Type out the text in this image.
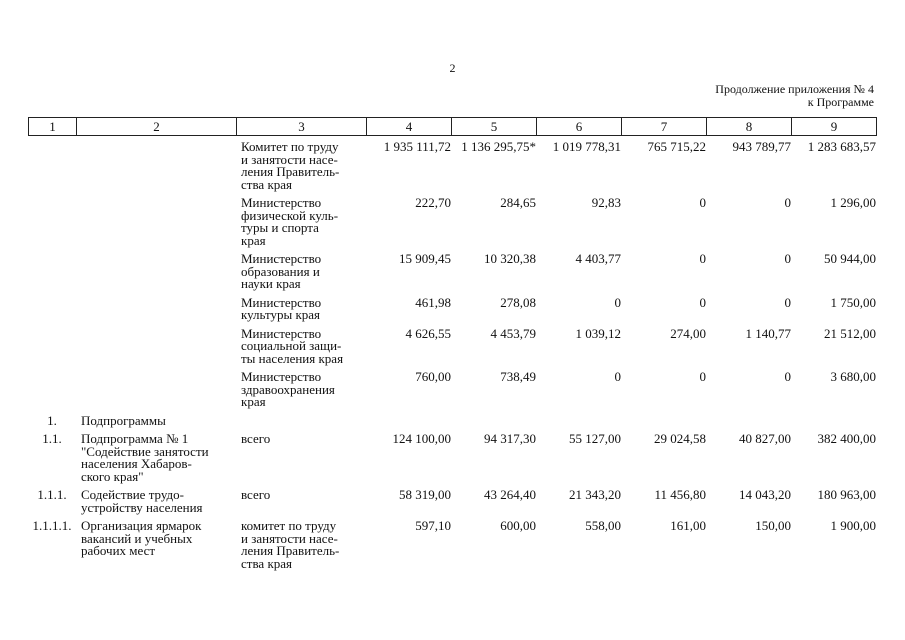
2
Продолжение приложения № 4
к Программе
1	2	3	4	5	6	7	8	9
		Комитет по труду
и занятости насе-
ления Правитель-
ства края	1 935 111,72	1 136 295,75*	1 019 778,31	765 715,22	943 789,77	1 283 683,57
		Министерство
физической куль-
туры и спорта
края	222,70	284,65	92,83	0	0	1 296,00
		Министерство
образования и
науки края	15 909,45	10 320,38	4 403,77	0	0	50 944,00
		Министерство
культуры края	461,98	278,08	0	0	0	1 750,00
		Министерство
социальной защи-
ты населения края	4 626,55	4 453,79	1 039,12	274,00	1 140,77	21 512,00
		Министерство
здравоохранения
края	760,00	738,49	0	0	0	3 680,00
1.	Подпрограммы							
1.1.	Подпрограмма № 1
"Содействие занятости
населения Хабаров-
ского края"	всего	124 100,00	94 317,30	55 127,00	29 024,58	40 827,00	382 400,00
1.1.1.	Содействие трудо-
устройству населения	всего	58 319,00	43 264,40	21 343,20	11 456,80	14 043,20	180 963,00
1.1.1.1.	Организация ярмарок
вакансий и учебных
рабочих мест	комитет по труду
и занятости насе-
ления Правитель-
ства края	597,10	600,00	558,00	161,00	150,00	1 900,00
